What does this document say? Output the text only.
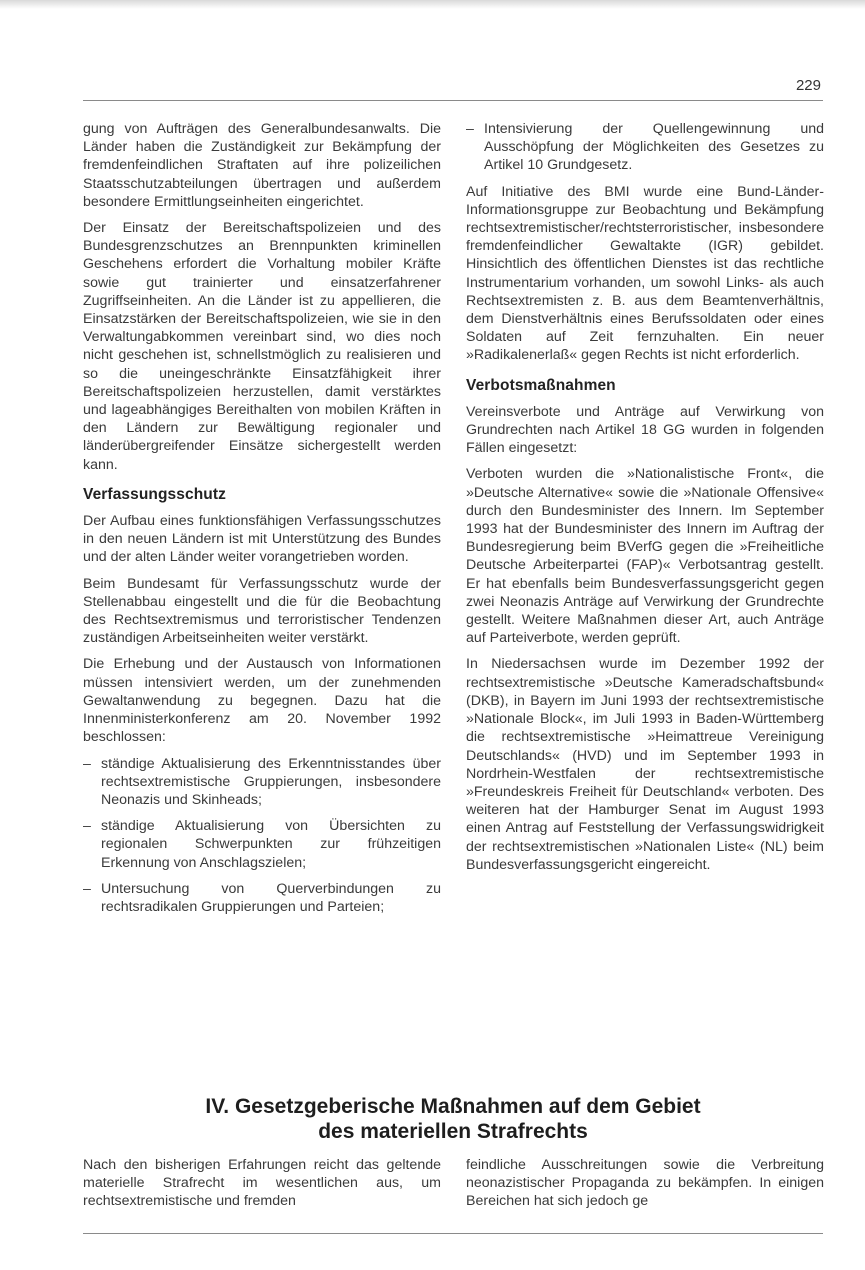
229

gung von Aufträgen des Generalbundesanwalts. Die Länder haben die Zuständigkeit zur Bekämpfung der fremdenfeindlichen Straftaten auf ihre polizeilichen Staatsschutzabteilungen übertragen und außerdem besondere Ermittlungseinheiten eingerichtet.

Der Einsatz der Bereitschaftspolizeien und des Bundesgrenzschutzes an Brennpunkten kriminellen Geschehens erfordert die Vorhaltung mobiler Kräfte sowie gut trainierter und einsatzerfahrener Zugriffseinheiten. An die Länder ist zu appellieren, die Einsatzstärken der Bereitschaftspolizeien, wie sie in den Verwaltungabkommen vereinbart sind, wo dies noch nicht geschehen ist, schnellstmöglich zu realisieren und so die uneingeschränkte Einsatzfähigkeit ihrer Bereitschaftspolizeien herzustellen, damit verstärktes und lageabhängiges Bereithalten von mobilen Kräften in den Ländern zur Bewältigung regionaler und länderübergreifender Einsätze sichergestellt werden kann.

Verfassungsschutz

Der Aufbau eines funktionsfähigen Verfassungsschutzes in den neuen Ländern ist mit Unterstützung des Bundes und der alten Länder weiter vorangetrieben worden.

Beim Bundesamt für Verfassungsschutz wurde der Stellenabbau eingestellt und die für die Beobachtung des Rechtsextremismus und terroristischer Tendenzen zuständigen Arbeitseinheiten weiter verstärkt.

Die Erhebung und der Austausch von Informationen müssen intensiviert werden, um der zunehmenden Gewaltanwendung zu begegnen. Dazu hat die Innenministerkonferenz am 20. November 1992 beschlossen:

– ständige Aktualisierung des Erkenntnisstandes über rechtsextremistische Gruppierungen, insbesondere Neonazis und Skinheads;
– ständige Aktualisierung von Übersichten zu regionalen Schwerpunkten zur frühzeitigen Erkennung von Anschlagszielen;
– Untersuchung von Querverbindungen zu rechtsradikalen Gruppierungen und Parteien;
– Intensivierung der Quellengewinnung und Ausschöpfung der Möglichkeiten des Gesetzes zu Artikel 10 Grundgesetz.

Auf Initiative des BMI wurde eine Bund-Länder-Informationsgruppe zur Beobachtung und Bekämpfung rechtsextremistischer/rechtsterroristischer, insbesondere fremdenfeindlicher Gewaltakte (IGR) gebildet. Hinsichtlich des öffentlichen Dienstes ist das rechtliche Instrumentarium vorhanden, um sowohl Links- als auch Rechtsextremisten z. B. aus dem Beamtenverhältnis, dem Dienstverhältnis eines Berufssoldaten oder eines Soldaten auf Zeit fernzuhalten. Ein neuer »Radikalenerlaß« gegen Rechts ist nicht erforderlich.

Verbotsmaßnahmen

Vereinsverbote und Anträge auf Verwirkung von Grundrechten nach Artikel 18 GG wurden in folgenden Fällen eingesetzt:

Verboten wurden die »Nationalistische Front«, die »Deutsche Alternative« sowie die »Nationale Offensive« durch den Bundesminister des Innern. Im September 1993 hat der Bundesminister des Innern im Auftrag der Bundesregierung beim BVerfG gegen die »Freiheitliche Deutsche Arbeiterpartei (FAP)« Verbotsantrag gestellt. Er hat ebenfalls beim Bundesverfassungsgericht gegen zwei Neonazis Anträge auf Verwirkung der Grundrechte gestellt. Weitere Maßnahmen dieser Art, auch Anträge auf Parteiverbote, werden geprüft.

In Niedersachsen wurde im Dezember 1992 der rechtsextremistische »Deutsche Kameradschaftsbund« (DKB), in Bayern im Juni 1993 der rechtsextremistische »Nationale Block«, im Juli 1993 in Baden-Württemberg die rechtsextremistische »Heimattreue Vereinigung Deutschlands« (HVD) und im September 1993 in Nordrhein-Westfalen der rechtsextremistische »Freundeskreis Freiheit für Deutschland« verboten. Des weiteren hat der Hamburger Senat im August 1993 einen Antrag auf Feststellung der Verfassungswidrigkeit der rechtsextremistischen »Nationalen Liste« (NL) beim Bundesverfassungsgericht eingereicht.

IV. Gesetzgeberische Maßnahmen auf dem Gebiet
des materiellen Strafrechts

Nach den bisherigen Erfahrungen reicht das geltende materielle Strafrecht im wesentlichen aus, um rechtsextremistische und fremden

feindliche Ausschreitungen sowie die Verbreitung neonazistischer Propaganda zu bekämpfen. In einigen Bereichen hat sich jedoch ge
